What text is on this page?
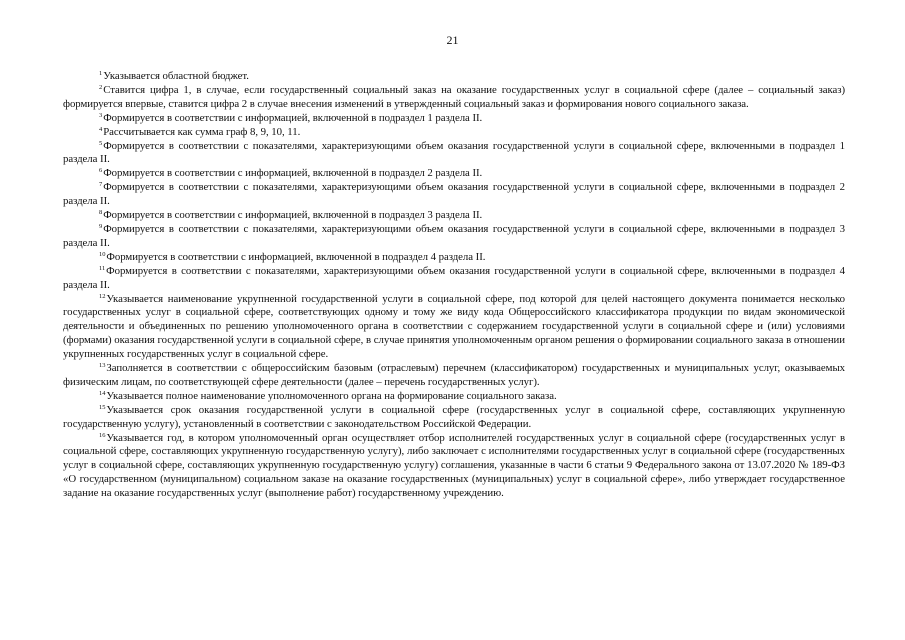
21

$^1$Указывается областной бюджет.

$^2$Ставится цифра 1, в случае, если государственный социальный заказ на оказание государственных услуг в социальной сфере (далее – социальный заказ) формируется впервые, ставится цифра 2 в случае внесения изменений в утвержденный социальный заказ и формирования нового социального заказа.

$^3$Формируется в соответствии с информацией, включенной в подраздел 1 раздела II.

$^4$Рассчитывается как сумма граф 8, 9, 10, 11.

$^5$Формируется в соответствии с показателями, характеризующими объем оказания государственной услуги в социальной сфере, включенными в подраздел 1 раздела II.

$^6$Формируется в соответствии с информацией, включенной в подраздел 2 раздела II.

$^7$Формируется в соответствии с показателями, характеризующими объем оказания государственной услуги в социальной сфере, включенными в подраздел 2 раздела II.

$^8$Формируется в соответствии с информацией, включенной в подраздел 3 раздела II.

$^9$Формируется в соответствии с показателями, характеризующими объем оказания государственной услуги в социальной сфере, включенными в подраздел 3 раздела II.

$^{10}$Формируется в соответствии с информацией, включенной в подраздел 4 раздела II.

$^{11}$Формируется в соответствии с показателями, характеризующими объем оказания государственной услуги в социальной сфере, включенными в подраздел 4 раздела II.

$^{12}$Указывается наименование укрупненной государственной услуги в социальной сфере, под которой для целей настоящего документа понимается несколько государственных услуг в социальной сфере, соответствующих одному и тому же виду кода Общероссийского классификатора продукции по видам экономической деятельности и объединенных по решению уполномоченного органа в соответствии с содержанием государственной услуги в социальной сфере и (или) условиями (формами) оказания государственной услуги в социальной сфере, в случае принятия уполномоченным органом решения о формировании социального заказа в отношении укрупненных государственных услуг в социальной сфере.

$^{13}$Заполняется в соответствии с общероссийским базовым (отраслевым) перечнем (классификатором) государственных и муниципальных услуг, оказываемых физическим лицам, по соответствующей сфере деятельности (далее – перечень государственных услуг).

$^{14}$Указывается полное наименование уполномоченного органа на формирование социального заказа.

$^{15}$Указывается срок оказания государственной услуги в социальной сфере (государственных услуг в социальной сфере, составляющих укрупненную государственную услугу), установленный в соответствии с законодательством Российской Федерации.

$^{16}$Указывается год, в котором уполномоченный орган осуществляет отбор исполнителей государственных услуг в социальной сфере (государственных услуг в социальной сфере, составляющих укрупненную государственную услугу), либо заключает с исполнителями государственных услуг в социальной сфере (государственных услуг в социальной сфере, составляющих укрупненную государственную услугу) соглашения, указанные в части 6 статьи 9 Федерального закона от 13.07.2020 № 189-ФЗ «О государственном (муниципальном) социальном заказе на оказание государственных (муниципальных) услуг в социальной сфере», либо утверждает государственное задание на оказание государственных услуг (выполнение работ) государственному учреждению.
